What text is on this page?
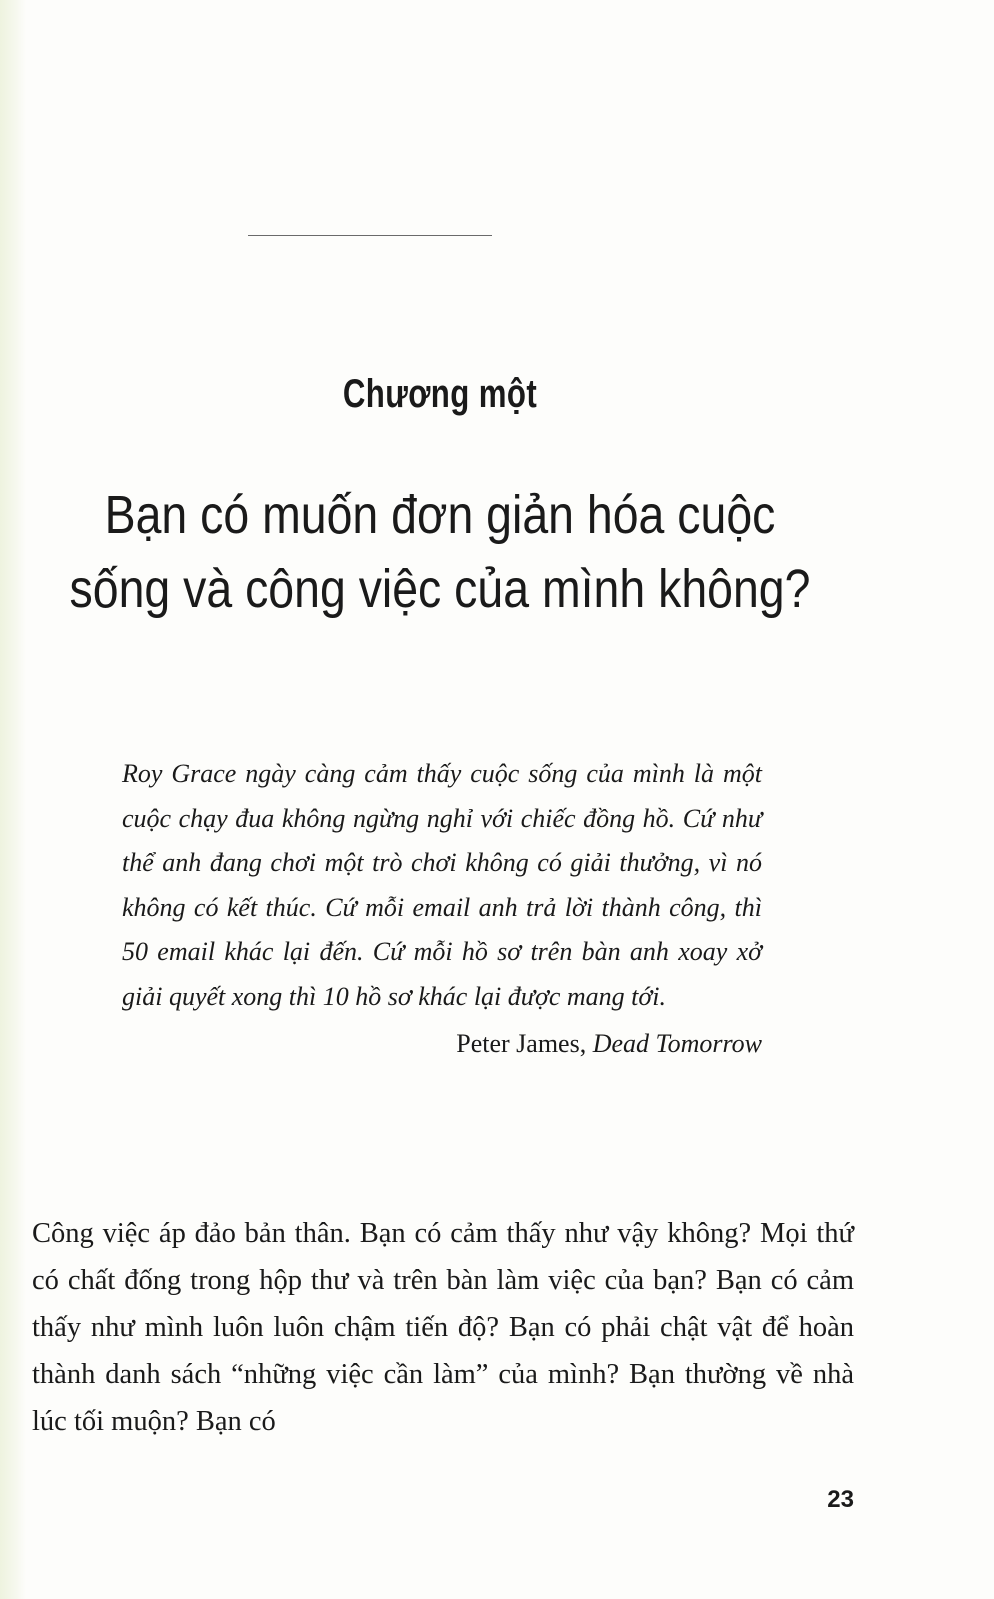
Chương một
Bạn có muốn đơn giản hóa cuộc sống và công việc của mình không?

Roy Grace ngày càng cảm thấy cuộc sống của mình là một cuộc chạy đua không ngừng nghỉ với chiếc đồng hồ. Cứ như thể anh đang chơi một trò chơi không có giải thưởng, vì nó không có kết thúc. Cứ mỗi email anh trả lời thành công, thì 50 email khác lại đến. Cứ mỗi hồ sơ trên bàn anh xoay xở giải quyết xong thì 10 hồ sơ khác lại được mang tới.

Peter James, Dead Tomorrow

Công việc áp đảo bản thân. Bạn có cảm thấy như vậy không? Mọi thứ có chất đống trong hộp thư và trên bàn làm việc của bạn? Bạn có cảm thấy như mình luôn luôn chậm tiến độ? Bạn có phải chật vật để hoàn thành danh sách “những việc cần làm” của mình? Bạn thường về nhà lúc tối muộn? Bạn có

23
